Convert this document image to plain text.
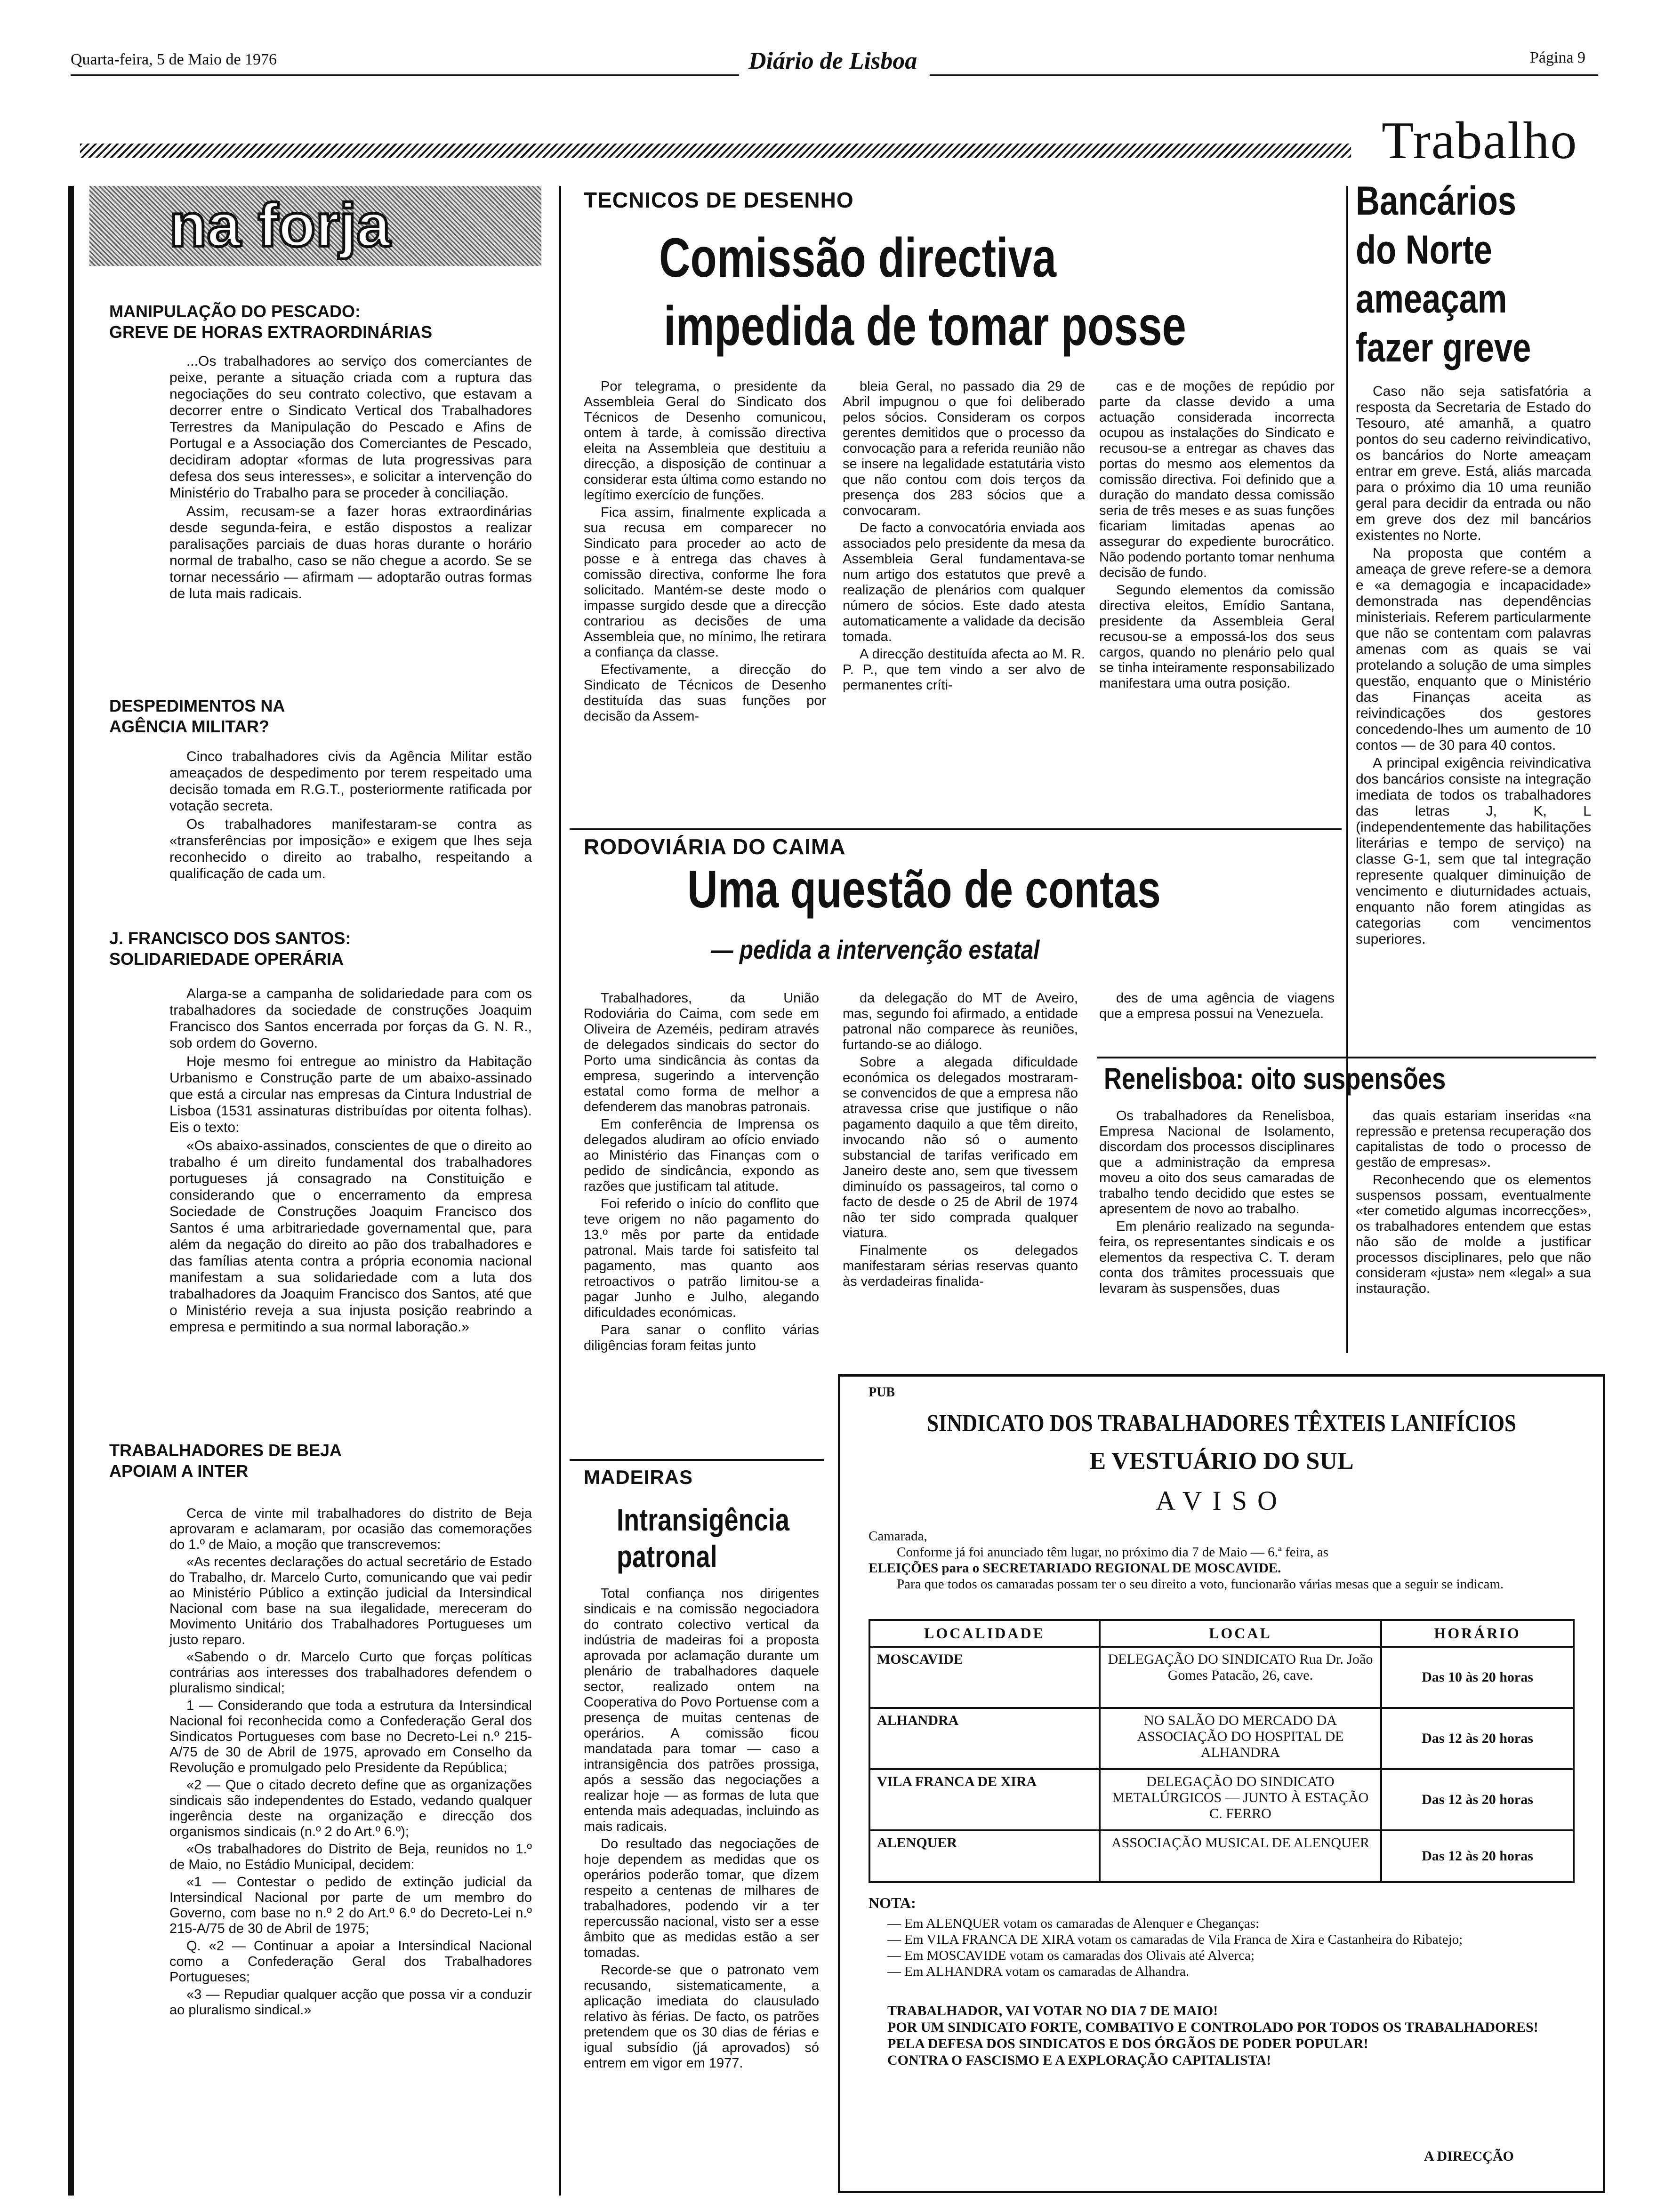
Quarta-feira, 5 de Maio de 1976	Diário de Lisboa	Página 9
Trabalho
na forja
MANIPULAÇÃO DO PESCADO:
GREVE DE HORAS EXTRAORDINÁRIAS

...Os trabalhadores ao serviço dos comerciantes de peixe, perante a situação criada com a ruptura das negociações do seu contrato colectivo, que estavam a decorrer entre o Sindicato Vertical dos Trabalhadores Terrestres da Manipulação do Pescado e Afins de Portugal e a Associação dos Comerciantes de Pescado, decidiram adoptar «formas de luta progressivas para defesa dos seus interesses», e solicitar a intervenção do Ministério do Trabalho para se proceder à conciliação.

Assim, recusam-se a fazer horas extraordinárias desde segunda-feira, e estão dispostos a realizar paralisações parciais de duas horas durante o horário normal de trabalho, caso se não chegue a acordo. Se se tornar necessário — afirmam — adoptarão outras formas de luta mais radicais.

DESPEDIMENTOS NA
AGÊNCIA MILITAR?

Cinco trabalhadores civis da Agência Militar estão ameaçados de despedimento por terem respeitado uma decisão tomada em R.G.T., posteriormente ratificada por votação secreta.

Os trabalhadores manifestaram-se contra as «transferências por imposição» e exigem que lhes seja reconhecido o direito ao trabalho, respeitando a qualificação de cada um.

J. FRANCISCO DOS SANTOS:
SOLIDARIEDADE OPERÁRIA

Alarga-se a campanha de solidariedade para com os trabalhadores da sociedade de construções Joaquim Francisco dos Santos encerrada por forças da G. N. R., sob ordem do Governo.

Hoje mesmo foi entregue ao ministro da Habitação Urbanismo e Construção parte de um abaixo-assinado que está a circular nas empresas da Cintura Industrial de Lisboa (1531 assinaturas distribuídas por oitenta folhas). Eis o texto:

«Os abaixo-assinados, conscientes de que o direito ao trabalho é um direito fundamental dos trabalhadores portugueses já consagrado na Constituição e considerando que o encerramento da empresa Sociedade de Construções Joaquim Francisco dos Santos é uma arbitrariedade governamental que, para além da negação do direito ao pão dos trabalhadores e das famílias atenta contra a própria economia nacional manifestam a sua solidariedade com a luta dos trabalhadores da Joaquim Francisco dos Santos, até que o Ministério reveja a sua injusta posição reabrindo a empresa e permitindo a sua normal laboração.»

TRABALHADORES DE BEJA
APOIAM A INTER

Cerca de vinte mil trabalhadores do distrito de Beja aprovaram e aclamaram, por ocasião das comemorações do 1.º de Maio, a moção que transcrevemos:

«As recentes declarações do actual secretário de Estado do Trabalho, dr. Marcelo Curto, comunicando que vai pedir ao Ministério Público a extinção judicial da Intersindical Nacional com base na sua ilegalidade, mereceram do Movimento Unitário dos Trabalhadores Portugueses um justo reparo.

«Sabendo o dr. Marcelo Curto que forças políticas contrárias aos interesses dos trabalhadores defendem o pluralismo sindical;

1 — Considerando que toda a estrutura da Intersindical Nacional foi reconhecida como a Confederação Geral dos Sindicatos Portugueses com base no Decreto-Lei n.º 215-A/75 de 30 de Abril de 1975, aprovado em Conselho da Revolução e promulgado pelo Presidente da República;

«2 — Que o citado decreto define que as organizações sindicais são independentes do Estado, vedando qualquer ingerência deste na organização e direcção dos organismos sindicais (n.º 2 do Art.º 6.º);

«Os trabalhadores do Distrito de Beja, reunidos no 1.º de Maio, no Estádio Municipal, decidem:

«1 — Contestar o pedido de extinção judicial da Intersindical Nacional por parte de um membro do Governo, com base no n.º 2 do Art.º 6.º do Decreto-Lei n.º 215-A/75 de 30 de Abril de 1975;

Q. «2 — Continuar a apoiar a Intersindical Nacional como a Confederação Geral dos Trabalhadores Portugueses;

«3 — Repudiar qualquer acção que possa vir a conduzir ao pluralismo sindical.»

TECNICOS DE DESENHO
Comissão directiva
impedida de tomar posse

Por telegrama, o presidente da Assembleia Geral do Sindicato dos Técnicos de Desenho comunicou, ontem à tarde, à comissão directiva eleita na Assembleia que destituiu a direcção, a disposição de continuar a considerar esta última como estando no legítimo exercício de funções.

Fica assim, finalmente explicada a sua recusa em comparecer no Sindicato para proceder ao acto de posse e à entrega das chaves à comissão directiva, conforme lhe fora solicitado. Mantém-se deste modo o impasse surgido desde que a direcção contrariou as decisões de uma Assembleia que, no mínimo, lhe retirara a confiança da classe.

Efectivamente, a direcção do Sindicato de Técnicos de Desenho destituída das suas funções por decisão da Assem-

bleia Geral, no passado dia 29 de Abril impugnou o que foi deliberado pelos sócios. Consideram os corpos gerentes demitidos que o processo da convocação para a referida reunião não se insere na legalidade estatutária visto que não contou com dois terços da presença dos 283 sócios que a convocaram.

De facto a convocatória enviada aos associados pelo presidente da mesa da Assembleia Geral fundamentava-se num artigo dos estatutos que prevê a realização de plenários com qualquer número de sócios. Este dado atesta automaticamente a validade da decisão tomada.

A direcção destituída afecta ao M. R. P. P., que tem vindo a ser alvo de permanentes críti-

cas e de moções de repúdio por parte da classe devido a uma actuação considerada incorrecta ocupou as instalações do Sindicato e recusou-se a entregar as chaves das portas do mesmo aos elementos da comissão directiva. Foi definido que a duração do mandato dessa comissão seria de três meses e as suas funções ficariam limitadas apenas ao assegurar do expediente burocrático. Não podendo portanto tomar nenhuma decisão de fundo.

Segundo elementos da comissão directiva eleitos, Emídio Santana, presidente da Assembleia Geral recusou-se a empossá-los dos seus cargos, quando no plenário pelo qual se tinha inteiramente responsabilizado manifestara uma outra posição.

Bancários
do Norte
ameaçam
fazer greve

Caso não seja satisfatória a resposta da Secretaria de Estado do Tesouro, até amanhã, a quatro pontos do seu caderno reivindicativo, os bancários do Norte ameaçam entrar em greve. Está, aliás marcada para o próximo dia 10 uma reunião geral para decidir da entrada ou não em greve dos dez mil bancários existentes no Norte.

Na proposta que contém a ameaça de greve refere-se a demora e «a demagogia e incapacidade» demonstrada nas dependências ministeriais. Referem particularmente que não se contentam com palavras amenas com as quais se vai protelando a solução de uma simples questão, enquanto que o Ministério das Finanças aceita as reivindicações dos gestores concedendo-lhes um aumento de 10 contos — de 30 para 40 contos.

A principal exigência reivindicativa dos bancários consiste na integração imediata de todos os trabalhadores das letras J, K, L (independentemente das habilitações literárias e tempo de serviço) na classe G-1, sem que tal integração represente qualquer diminuição de vencimento e diuturnidades actuais, enquanto não forem atingidas as categorias com vencimentos superiores.

RODOVIÁRIA DO CAIMA
Uma questão de contas
— pedida a intervenção estatal

Trabalhadores, da União Rodoviária do Caima, com sede em Oliveira de Azeméis, pediram através de delegados sindicais do sector do Porto uma sindicância às contas da empresa, sugerindo a intervenção estatal como forma de melhor a defenderem das manobras patronais.

Em conferência de Imprensa os delegados aludiram ao ofício enviado ao Ministério das Finanças com o pedido de sindicância, expondo as razões que justificam tal atitude.

Foi referido o início do conflito que teve origem no não pagamento do 13.º mês por parte da entidade patronal. Mais tarde foi satisfeito tal pagamento, mas quanto aos retroactivos o patrão limitou-se a pagar Junho e Julho, alegando dificuldades económicas.

Para sanar o conflito várias diligências foram feitas junto

da delegação do MT de Aveiro, mas, segundo foi afirmado, a entidade patronal não comparece às reuniões, furtando-se ao diálogo.

Sobre a alegada dificuldade económica os delegados mostraram-se convencidos de que a empresa não atravessa crise que justifique o não pagamento daquilo a que têm direito, invocando não só o aumento substancial de tarifas verificado em Janeiro deste ano, sem que tivessem diminuído os passageiros, tal como o facto de desde o 25 de Abril de 1974 não ter sido comprada qualquer viatura.

Finalmente os delegados manifestaram sérias reservas quanto às verdadeiras finalida-

des de uma agência de viagens que a empresa possui na Venezuela.

Renelisboa: oito suspensões

Os trabalhadores da Renelisboa, Empresa Nacional de Isolamento, discordam dos processos disciplinares que a administração da empresa moveu a oito dos seus camaradas de trabalho tendo decidido que estes se apresentem de novo ao trabalho.

Em plenário realizado na segunda-feira, os representantes sindicais e os elementos da respectiva C. T. deram conta dos trâmites processuais que levaram às suspensões, duas

das quais estariam inseridas «na repressão e pretensa recuperação dos capitalistas de todo o processo de gestão de empresas».

Reconhecendo que os elementos suspensos possam, eventualmente «ter cometido algumas incorrecções», os trabalhadores entendem que estas não são de molde a justificar processos disciplinares, pelo que não consideram «justa» nem «legal» a sua instauração.

MADEIRAS
Intransigência
patronal

Total confiança nos dirigentes sindicais e na comissão negociadora do contrato colectivo vertical da indústria de madeiras foi a proposta aprovada por aclamação durante um plenário de trabalhadores daquele sector, realizado ontem na Cooperativa do Povo Portuense com a presença de muitas centenas de operários. A comissão ficou mandatada para tomar — caso a intransigência dos patrões prossiga, após a sessão das negociações a realizar hoje — as formas de luta que entenda mais adequadas, incluindo as mais radicais.

Do resultado das negociações de hoje dependem as medidas que os operários poderão tomar, que dizem respeito a centenas de milhares de trabalhadores, podendo vir a ter repercussão nacional, visto ser a esse âmbito que as medidas estão a ser tomadas.

Recorde-se que o patronato vem recusando, sistematicamente, a aplicação imediata do clausulado relativo às férias. De facto, os patrões pretendem que os 30 dias de férias e igual subsídio (já aprovados) só entrem em vigor em 1977.

PUB
SINDICATO DOS TRABALHADORES TÊXTEIS LANIFÍCIOS
E VESTUÁRIO DO SUL
AVISO
Camarada,
Conforme já foi anunciado têm lugar, no próximo dia 7 de Maio — 6.ª feira, as
ELEIÇÕES para o SECRETARIADO REGIONAL DE MOSCAVIDE.
Para que todos os camaradas possam ter o seu direito a voto, funcionarão várias mesas que a seguir se indicam.
LOCALIDADE	LOCAL	HORÁRIO
MOSCAVIDE	DELEGAÇÃO DO SINDICATO Rua Dr. João Gomes Patacão, 26, cave.	Das 10 às 20 horas
ALHANDRA	NO SALÃO DO MERCADO DA ASSOCIAÇÃO DO HOSPITAL DE ALHANDRA	Das 12 às 20 horas
VILA FRANCA DE XIRA	DELEGAÇÃO DO SINDICATO METALÚRGICOS — JUNTO À ESTAÇÃO C. FERRO	Das 12 às 20 horas
ALENQUER	ASSOCIAÇÃO MUSICAL DE ALENQUER	Das 12 às 20 horas
NOTA:
— Em ALENQUER votam os camaradas de Alenquer e Cheganças:
— Em VILA FRANCA DE XIRA votam os camaradas de Vila Franca de Xira e Castanheira do Ribatejo;
— Em MOSCAVIDE votam os camaradas dos Olivais até Alverca;
— Em ALHANDRA votam os camaradas de Alhandra.
TRABALHADOR, VAI VOTAR NO DIA 7 DE MAIO!
POR UM SINDICATO FORTE, COMBATIVO E CONTROLADO POR TODOS OS TRABALHADORES!
PELA DEFESA DOS SINDICATOS E DOS ÓRGÃOS DE PODER POPULAR!
CONTRA O FASCISMO E A EXPLORAÇÃO CAPITALISTA!
A DIRECÇÃO
